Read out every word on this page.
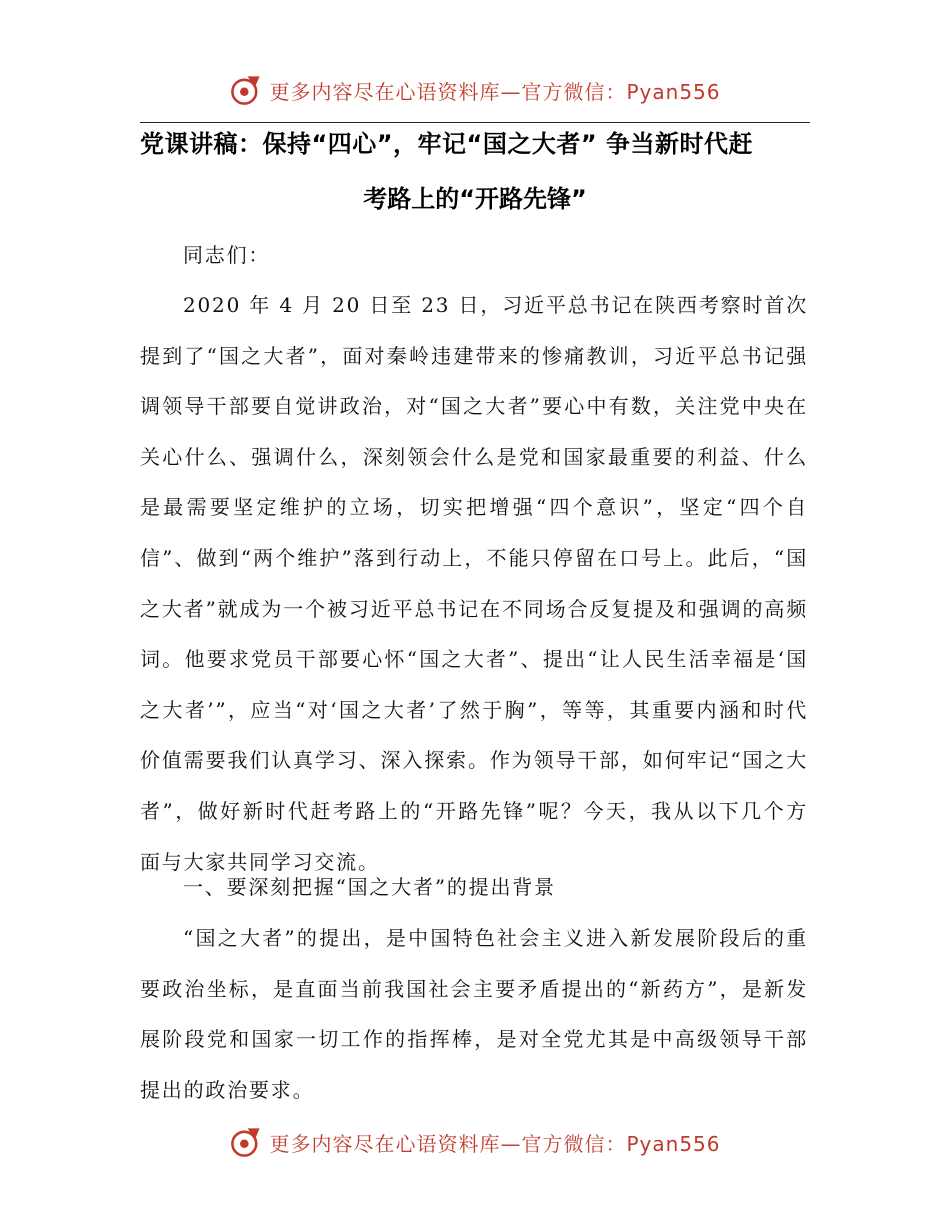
更多内容尽在心语资料库—官方微信：Pyan556
党课讲稿：保持“四心”，牢记“国之大者” 争当新时代赶
考路上的“开路先锋”

同志们：

2020 年 4 月 20 日至 23 日，习近平总书记在陕西考察时首次提到了“国之大者”，面对秦岭违建带来的惨痛教训，习近平总书记强调领导干部要自觉讲政治，对“国之大者”要心中有数，关注党中央在关心什么、强调什么，深刻领会什么是党和国家最重要的利益、什么是最需要坚定维护的立场，切实把增强“四个意识”，坚定“四个自信”、做到“两个维护”落到行动上，不能只停留在口号上。此后，“国之大者”就成为一个被习近平总书记在不同场合反复提及和强调的高频词。他要求党员干部要心怀“国之大者”、提出“让人民生活幸福是‘国之大者’”，应当“对‘国之大者’了然于胸”，等等，其重要内涵和时代价值需要我们认真学习、深入探索。作为领导干部，如何牢记“国之大者”，做好新时代赶考路上的“开路先锋”呢？今天，我从以下几个方面与大家共同学习交流。

一、要深刻把握“国之大者”的提出背景

“国之大者”的提出，是中国特色社会主义进入新发展阶段后的重要政治坐标，是直面当前我国社会主要矛盾提出的“新药方”，是新发展阶段党和国家一切工作的指挥棒，是对全党尤其是中高级领导干部提出的政治要求。

更多内容尽在心语资料库—官方微信：Pyan556
